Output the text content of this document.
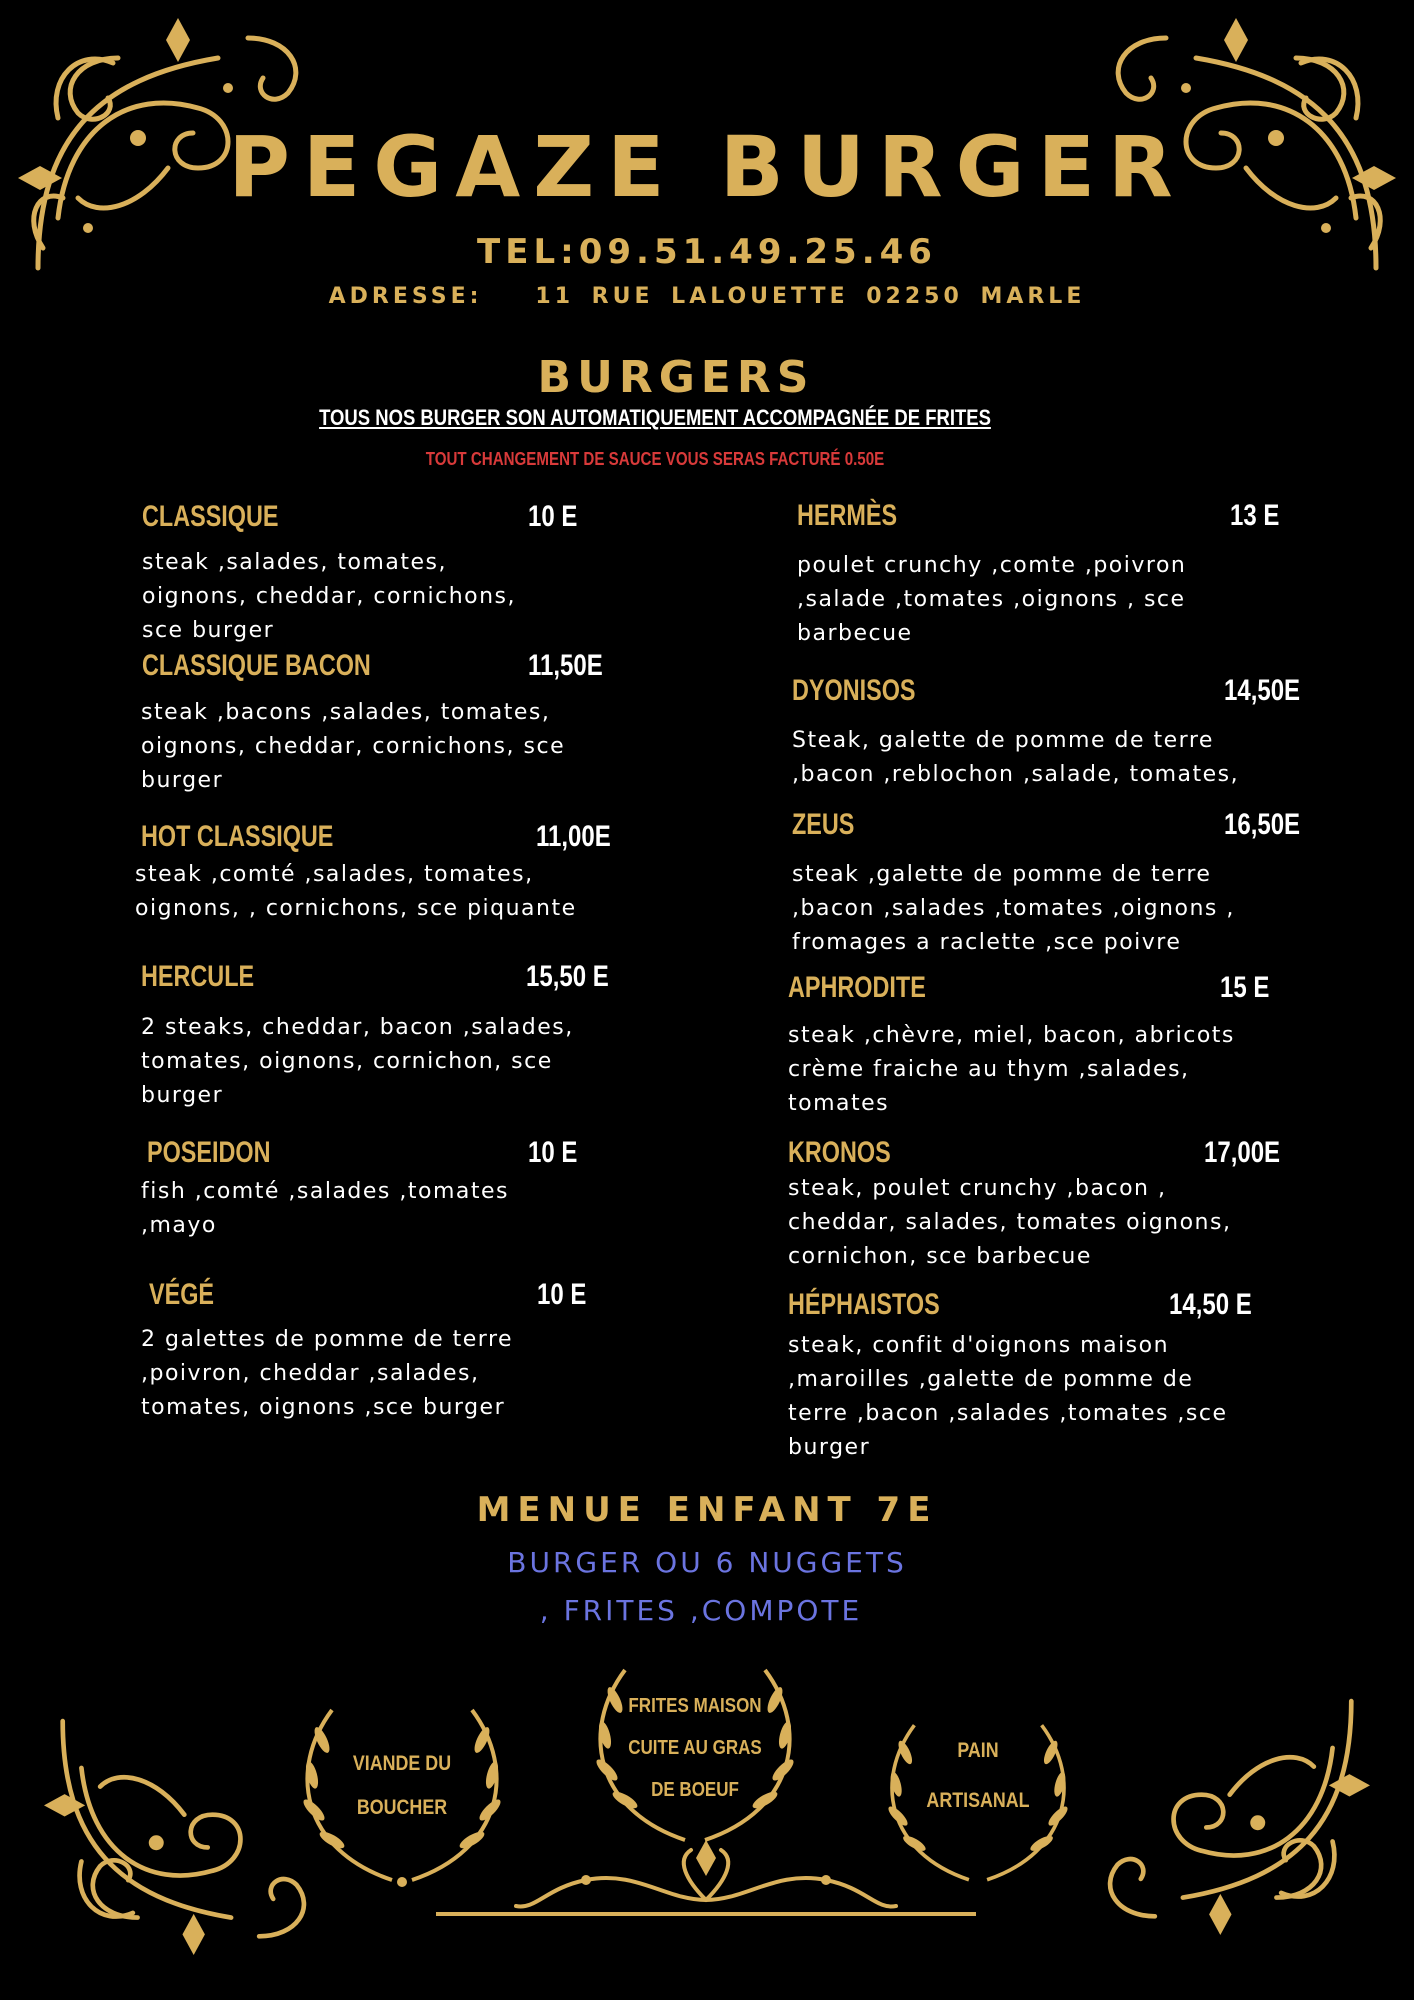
PEGAZE BURGER
TEL:09.51.49.25.46
ADRESSE: 11 RUE LALOUETTE 02250 MARLE
BURGERS
TOUS NOS BURGER SON AUTOMATIQUEMENT ACCOMPAGNÉE DE FRITES
TOUT CHANGEMENT DE SAUCE VOUS SERAS FACTURÉ 0.50E
CLASSIQUE	10 E
steak ,salades, tomates,
oignons, cheddar, cornichons,
sce burger
CLASSIQUE BACON	11,50E
steak ,bacons ,salades, tomates,
oignons, cheddar, cornichons, sce
burger
HOT CLASSIQUE	11,00E
steak ,comté ,salades, tomates,
oignons, , cornichons, sce piquante
HERCULE	15,50 E
2 steaks, cheddar, bacon ,salades,
tomates, oignons, cornichon, sce
burger
POSEIDON	10 E
fish ,comté ,salades ,tomates
,mayo
VÉGÉ	10 E
2 galettes de pomme de terre
,poivron, cheddar ,salades,
tomates, oignons ,sce burger
HERMÈS	13 E
poulet crunchy ,comte ,poivron
,salade ,tomates ,oignons , sce
barbecue
DYONISOS	14,50E
Steak, galette de pomme de terre
,bacon ,reblochon ,salade, tomates,
ZEUS	16,50E
steak ,galette de pomme de terre
,bacon ,salades ,tomates ,oignons ,
fromages a raclette ,sce poivre
APHRODITE	15 E
steak ,chèvre, miel, bacon, abricots
crème fraiche au thym ,salades,
tomates
KRONOS	17,00E
steak, poulet crunchy ,bacon ,
cheddar, salades, tomates oignons,
cornichon, sce barbecue
HÉPHAISTOS	14,50 E
steak, confit d'oignons maison
,maroilles ,galette de pomme de
terre ,bacon ,salades ,tomates ,sce
burger
MENUE ENFANT 7E
BURGER OU 6 NUGGETS
, FRITES ,COMPOTE
VIANDE DU
BOUCHER
FRITES MAISON
CUITE AU GRAS
DE BOEUF
PAIN
ARTISANAL
